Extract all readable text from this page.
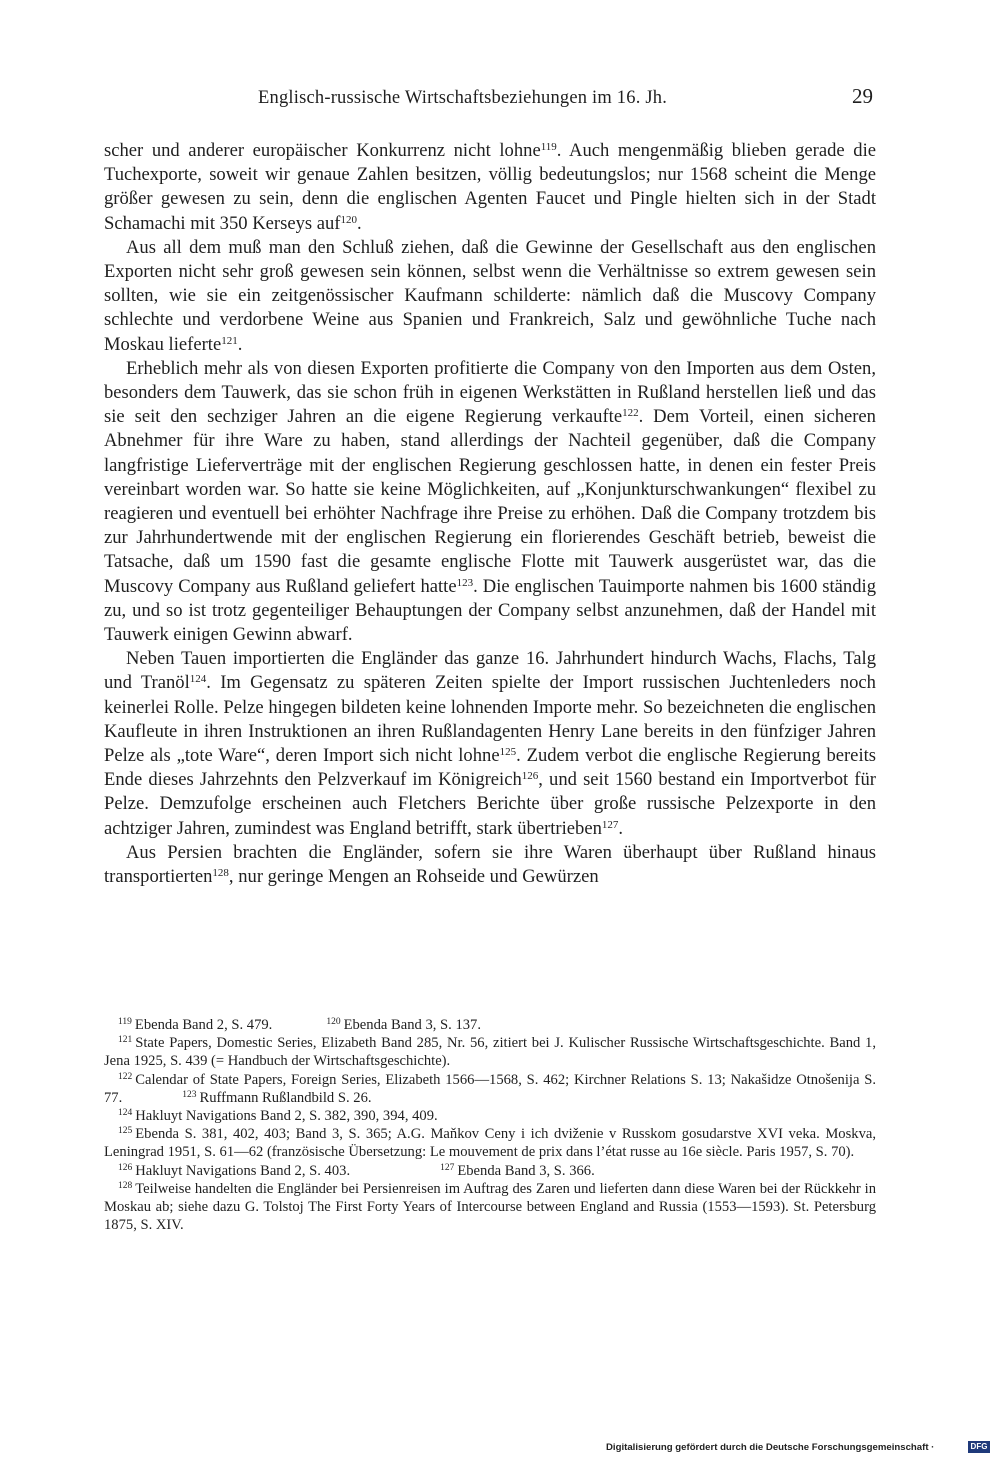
Englisch-russische Wirtschaftsbeziehungen im 16. Jh.	29

scher und anderer europäischer Konkurrenz nicht lohne$^{119}$. Auch mengenmäßig blieben gerade die Tuchexporte, soweit wir genaue Zahlen besitzen, völlig bedeutungslos; nur 1568 scheint die Menge größer gewesen zu sein, denn die englischen Agenten Faucet und Pingle hielten sich in der Stadt Schamachi mit 350 Kerseys auf$^{120}$.

Aus all dem muß man den Schluß ziehen, daß die Gewinne der Gesellschaft aus den englischen Exporten nicht sehr groß gewesen sein können, selbst wenn die Verhältnisse so extrem gewesen sein sollten, wie sie ein zeitgenössischer Kaufmann schilderte: nämlich daß die Muscovy Company schlechte und verdorbene Weine aus Spanien und Frankreich, Salz und gewöhnliche Tuche nach Moskau lieferte$^{121}$.

Erheblich mehr als von diesen Exporten profitierte die Company von den Importen aus dem Osten, besonders dem Tauwerk, das sie schon früh in eigenen Werkstätten in Rußland herstellen ließ und das sie seit den sechziger Jahren an die eigene Regierung verkaufte$^{122}$. Dem Vorteil, einen sicheren Abnehmer für ihre Ware zu haben, stand allerdings der Nachteil gegenüber, daß die Company langfristige Lieferverträge mit der englischen Regierung geschlossen hatte, in denen ein fester Preis vereinbart worden war. So hatte sie keine Möglichkeiten, auf „Konjunkturschwankungen“ flexibel zu reagieren und eventuell bei erhöhter Nachfrage ihre Preise zu erhöhen. Daß die Company trotzdem bis zur Jahrhundertwende mit der englischen Regierung ein florierendes Geschäft betrieb, beweist die Tatsache, daß um 1590 fast die gesamte englische Flotte mit Tauwerk ausgerüstet war, das die Muscovy Company aus Rußland geliefert hatte$^{123}$. Die englischen Tauimporte nahmen bis 1600 ständig zu, und so ist trotz gegenteiliger Behauptungen der Company selbst anzunehmen, daß der Handel mit Tauwerk einigen Gewinn abwarf.

Neben Tauen importierten die Engländer das ganze 16. Jahrhundert hindurch Wachs, Flachs, Talg und Tranöl$^{124}$. Im Gegensatz zu späteren Zeiten spielte der Import russischen Juchtenleders noch keinerlei Rolle. Pelze hingegen bildeten keine lohnenden Importe mehr. So bezeichneten die englischen Kaufleute in ihren Instruktionen an ihren Rußlandagenten Henry Lane bereits in den fünfziger Jahren Pelze als „tote Ware“, deren Import sich nicht lohne$^{125}$. Zudem verbot die englische Regierung bereits Ende dieses Jahrzehnts den Pelzverkauf im Königreich$^{126}$, und seit 1560 bestand ein Importverbot für Pelze. Demzufolge erscheinen auch Fletchers Berichte über große russische Pelzexporte in den achtziger Jahren, zumindest was England betrifft, stark übertrieben$^{127}$.

Aus Persien brachten die Engländer, sofern sie ihre Waren überhaupt über Rußland hinaus transportierten$^{128}$, nur geringe Mengen an Rohseide und Gewürzen

$^{119}$ Ebenda Band 2, S. 479.	$^{120}$ Ebenda Band 3, S. 137.

$^{121}$ State Papers, Domestic Series, Elizabeth Band 285, Nr. 56, zitiert bei J. Kulischer Russische Wirtschaftsgeschichte. Band 1, Jena 1925, S. 439 (= Handbuch der Wirtschaftsgeschichte).

$^{122}$ Calendar of State Papers, Foreign Series, Elizabeth 1566—1568, S. 462; Kirchner Relations S. 13; Nakašidze Otnošenija S. 77.	$^{123}$ Ruffmann Rußlandbild S. 26.

$^{124}$ Hakluyt Navigations Band 2, S. 382, 390, 394, 409.

$^{125}$ Ebenda S. 381, 402, 403; Band 3, S. 365; A.G. Maňkov Ceny i ich dviženie v Russkom gosudarstve XVI veka. Moskva, Leningrad 1951, S. 61—62 (französische Übersetzung: Le mouvement de prix dans l’état russe au 16e siècle. Paris 1957, S. 70).

$^{126}$ Hakluyt Navigations Band 2, S. 403.	$^{127}$ Ebenda Band 3, S. 366.

$^{128}$ Teilweise handelten die Engländer bei Persienreisen im Auftrag des Zaren und lieferten dann diese Waren bei der Rückkehr in Moskau ab; siehe dazu G. Tolstoj The First Forty Years of Intercourse between England and Russia (1553—1593). St. Petersburg 1875, S. XIV.

Digitalisierung gefördert durch die Deutsche Forschungsgemeinschaft ·	DFG
